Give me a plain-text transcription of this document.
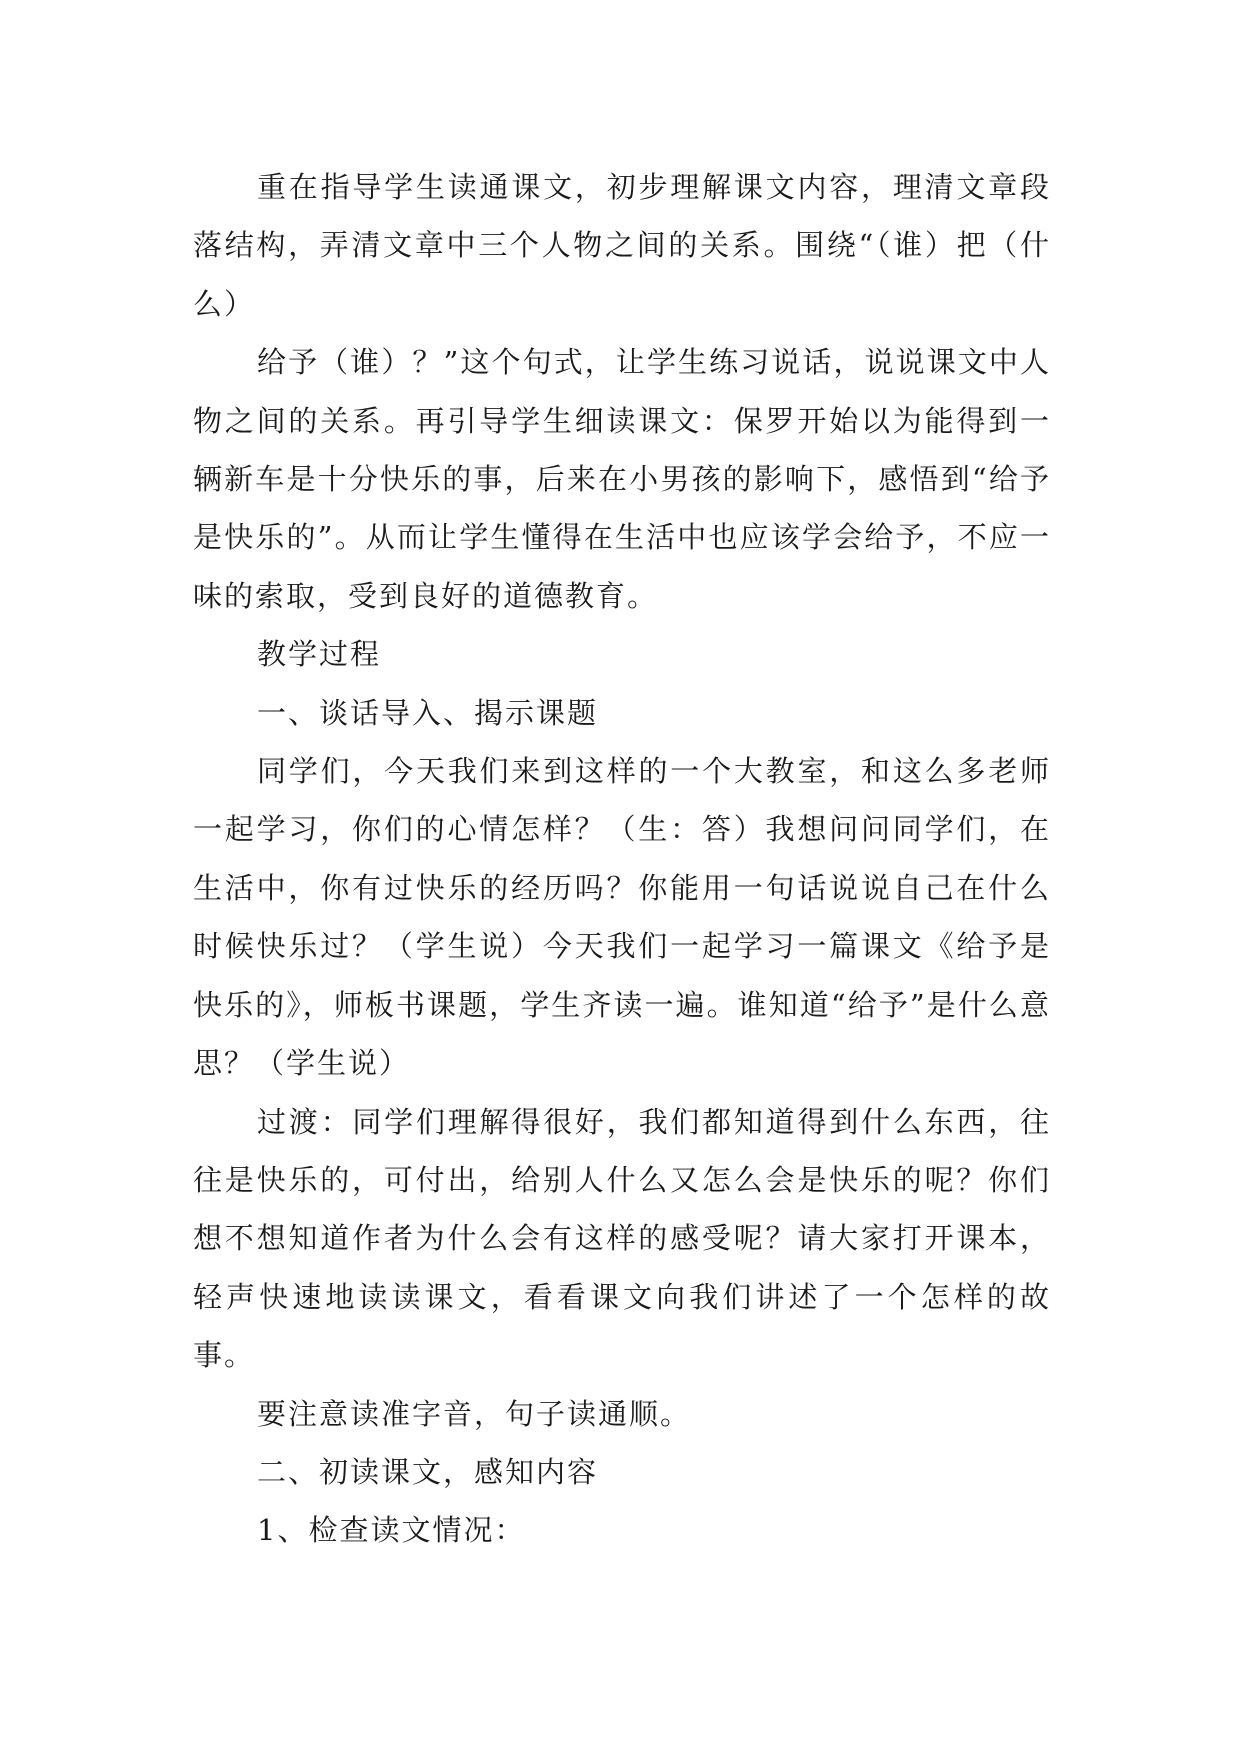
重在指导学生读通课文，初步理解课文内容，理清文章段落结构，弄清文章中三个人物之间的关系。围绕“（谁）把（什么）

给予（谁）？”这个句式，让学生练习说话，说说课文中人物之间的关系。再引导学生细读课文：保罗开始以为能得到一辆新车是十分快乐的事，后来在小男孩的影响下，感悟到“给予是快乐的”。从而让学生懂得在生活中也应该学会给予，不应一味的索取，受到良好的道德教育。

教学过程

一、谈话导入、揭示课题

同学们，今天我们来到这样的一个大教室，和这么多老师一起学习，你们的心情怎样？（生：答）我想问问同学们，在生活中，你有过快乐的经历吗？你能用一句话说说自己在什么时候快乐过？（学生说）今天我们一起学习一篇课文《给予是快乐的》，师板书课题，学生齐读一遍。谁知道“给予”是什么意思？（学生说）

过渡：同学们理解得很好，我们都知道得到什么东西，往往是快乐的，可付出，给别人什么又怎么会是快乐的呢？你们想不想知道作者为什么会有这样的感受呢？请大家打开课本，轻声快速地读读课文，看看课文向我们讲述了一个怎样的故事。

要注意读准字音，句子读通顺。

二、初读课文，感知内容

1、检查读文情况：
